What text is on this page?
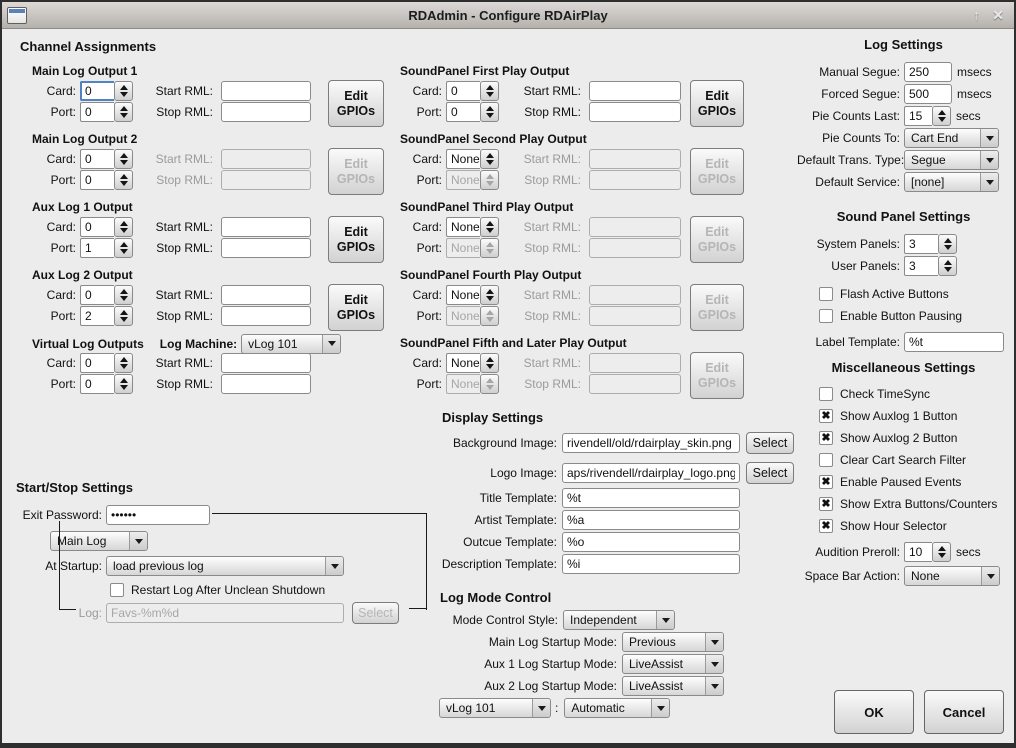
RDAdmin - Configure RDAirPlay	↑ ✕
Channel Assignments
Main Log Output 1
Card: 0	Start RML:
Port: 0	Stop RML:
Edit GPIOs
Main Log Output 2
Card: 0	Start RML:
Port: 0	Stop RML:
Edit GPIOs
Aux Log 1 Output
Card: 0	Start RML:
Port: 1	Stop RML:
Edit GPIOs
Aux Log 2 Output
Card: 0	Start RML:
Port: 2	Stop RML:
Edit GPIOs
Virtual Log Outputs Log Machine: vLog 101
Card: 0	Start RML:
Port: 0	Stop RML:
SoundPanel First Play Output
Card: 0	Start RML:
Port: 0	Stop RML:
Edit GPIOs
SoundPanel Second Play Output
Card: None	Start RML:
Port: None	Stop RML:
Edit GPIOs
SoundPanel Third Play Output
Card: None	Start RML:
Port: None	Stop RML:
Edit GPIOs
SoundPanel Fourth Play Output
Card: None	Start RML:
Port: None	Stop RML:
Edit GPIOs
SoundPanel Fifth and Later Play Output
Card: None	Start RML:
Port: None	Stop RML:
Edit GPIOs
Display Settings
Background Image:
rivendell/old/rdairplay_skin.png	Select
Logo Image:
aps/rivendell/rdairplay_logo.png	Select
Title Template:
%t
Artist Template:
%a
Outcue Template:
%o
Description Template:
%i
Log Mode Control
Mode Control Style:	Independent
Main Log Startup Mode:	Previous
Aux 1 Log Startup Mode:	LiveAssist
Aux 2 Log Startup Mode:	LiveAssist
vLog 101	:	Automatic
Log Settings
Manual Segue:
250	msecs
Forced Segue:
500	msecs
Pie Counts Last: 15	secs
Pie Counts To: Cart End
Default Trans. Type: Segue
Default Service: [none]
Sound Panel Settings
System Panels: 3
User Panels: 3
Flash Active Buttons
Enable Button Pausing
Label Template:
%t
Miscellaneous Settings
Check TimeSync
✖ Show Auxlog 1 Button
✖ Show Auxlog 2 Button
Clear Cart Search Filter
✖ Enable Paused Events
✖ Show Extra Buttons/Counters
✖ Show Hour Selector
Audition Preroll: 10	secs
Space Bar Action: None
Start/Stop Settings
Exit Password:
••••••
Main Log
At Startup: load previous log
Restart Log After Unclean Shutdown
Log:
Favs-%m%d	Select
OK	Cancel
